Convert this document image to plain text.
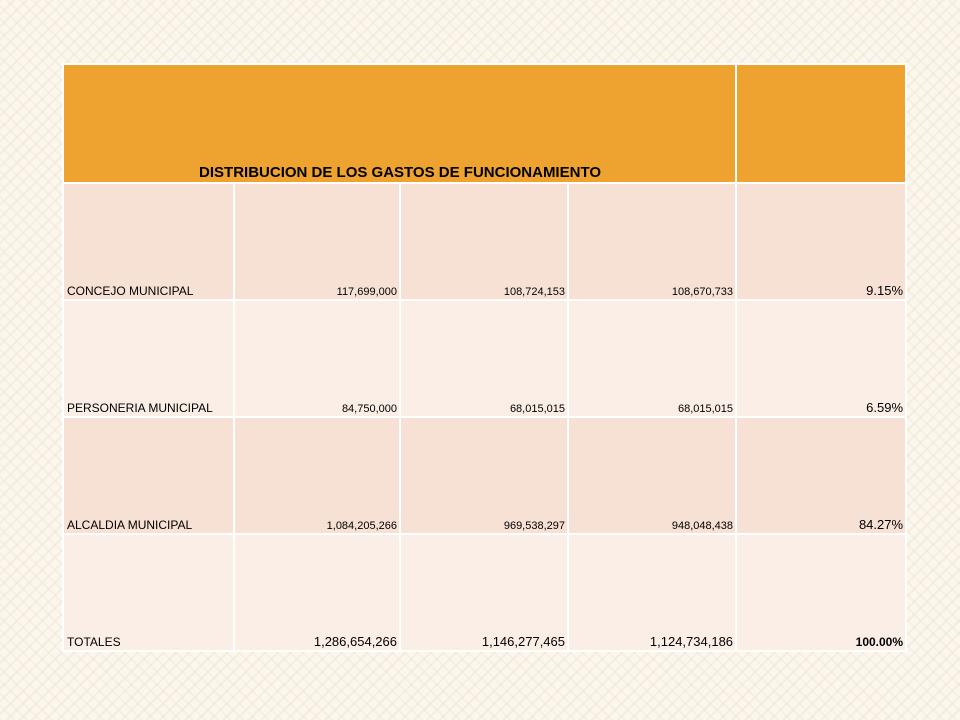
DISTRIBUCION DE LOS GASTOS DE FUNCIONAMIENTO				
CONCEJO MUNICIPAL	117,699,000	108,724,153	108,670,733	9.15%
PERSONERIA MUNICIPAL	84,750,000	68,015,015	68,015,015	6.59%
ALCALDIA MUNICIPAL	1,084,205,266	969,538,297	948,048,438	84.27%
TOTALES	1,286,654,266	1,146,277,465	1,124,734,186	100.00%
